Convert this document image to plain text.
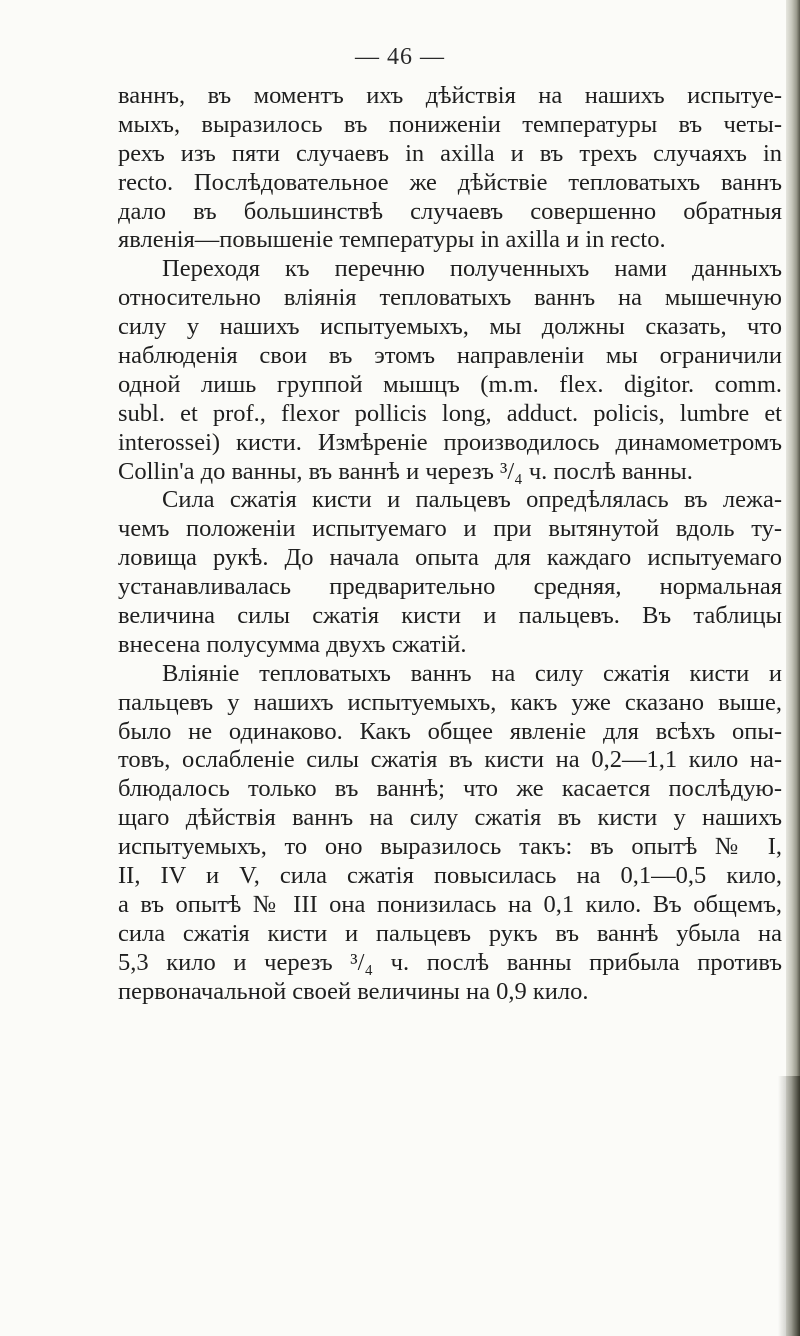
— 46 —
ваннъ, въ моментъ ихъ дѣйствія на нашихъ испытуе-
мыхъ, выразилось въ пониженіи температуры въ четы-
рехъ изъ пяти случаевъ in axilla и въ трехъ случаяхъ in
recto. Послѣдовательное же дѣйствіе тепловатыхъ ваннъ
дало въ большинствѣ случаевъ совершенно обратныя
явленія—повышеніе температуры in axilla и in recto.
Переходя къ перечню полученныхъ нами данныхъ
относительно вліянія тепловатыхъ ваннъ на мышечную
силу у нашихъ испытуемыхъ, мы должны сказать, что
наблюденія свои въ этомъ направленіи мы ограничили
одной лишь группой мышцъ (m.m. flex. digitor. comm.
subl. et prof., flexor pollicis long, adduct. policis, lumbre et
interossei) кисти. Измѣреніе производилось динамометромъ
Collin'a до ванны, въ ваннѣ и черезъ ³/₄ ч. послѣ ванны.
Сила сжатія кисти и пальцевъ опредѣлялась въ лежа-
чемъ положеніи испытуемаго и при вытянутой вдоль ту-
ловища рукѣ. До начала опыта для каждаго испытуемаго
устанавливалась предварительно средняя, нормальная
величина силы сжатія кисти и пальцевъ. Въ таблицы
внесена полусумма двухъ сжатій.
Вліяніе тепловатыхъ ваннъ на силу сжатія кисти и
пальцевъ у нашихъ испытуемыхъ, какъ уже сказано выше,
было не одинаково. Какъ общее явленіе для всѣхъ опы-
товъ, ослабленіе силы сжатія въ кисти на 0,2—1,1 кило на-
блюдалось только въ ваннѣ; что же касается послѣдую-
щаго дѣйствія ваннъ на силу сжатія въ кисти у нашихъ
испытуемыхъ, то оно выразилось такъ: въ опытѣ № I,
II, IV и V, сила сжатія повысилась на 0,1—0,5 кило,
а въ опытѣ № III она понизилась на 0,1 кило. Въ общемъ,
сила сжатія кисти и пальцевъ рукъ въ ваннѣ убыла на
5,3 кило и черезъ ³/₄ ч. послѣ ванны прибыла противъ
первоначальной своей величины на 0,9 кило.
